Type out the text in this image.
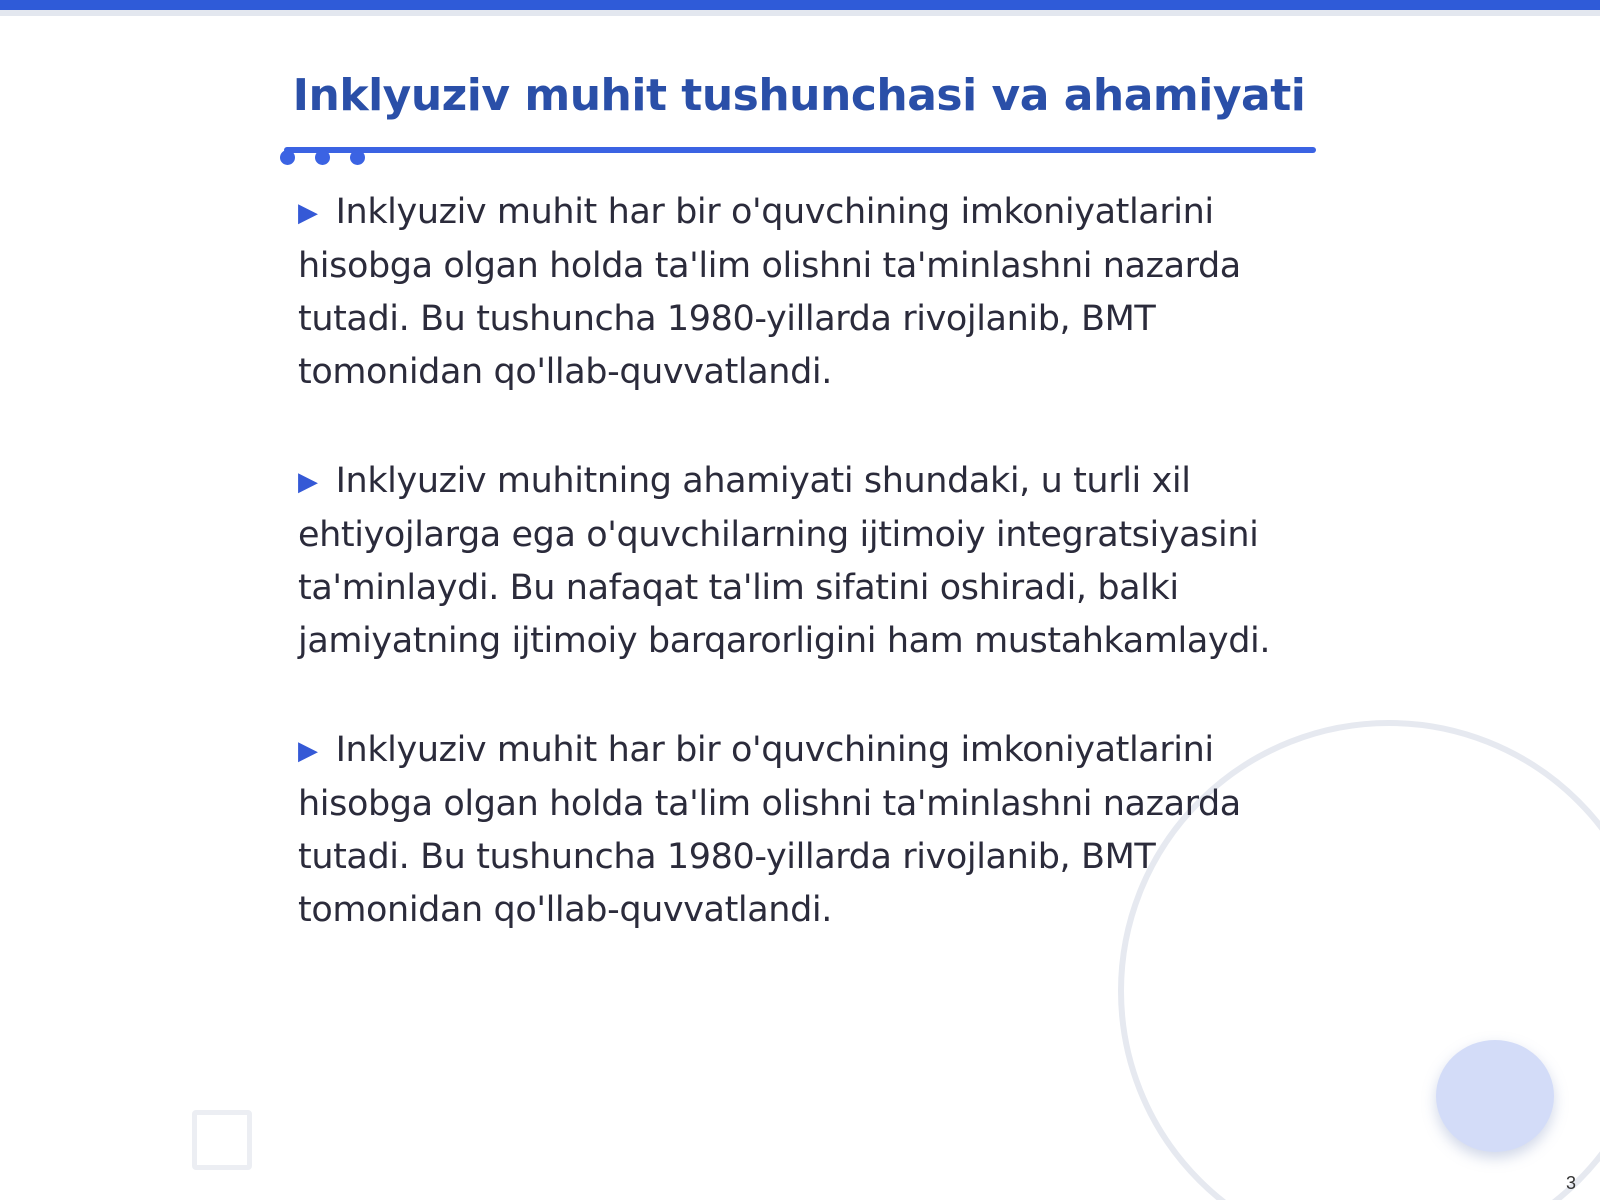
Inklyuziv muhit tushunchasi va ahamiyati

▶ Inklyuziv muhit har bir o'quvchining imkoniyatlarini hisobga olgan holda ta'lim olishni ta'minlashni nazarda tutadi. Bu tushuncha 1980-yillarda rivojlanib, BMT tomonidan qo'llab-quvvatlandi.

▶ Inklyuziv muhitning ahamiyati shundaki, u turli xil ehtiyojlarga ega o'quvchilarning ijtimoiy integratsiyasini ta'minlaydi. Bu nafaqat ta'lim sifatini oshiradi, balki jamiyatning ijtimoiy barqarorligini ham mustahkamlaydi.

▶ Inklyuziv muhit har bir o'quvchining imkoniyatlarini hisobga olgan holda ta'lim olishni ta'minlashni nazarda tutadi. Bu tushuncha 1980-yillarda rivojlanib, BMT tomonidan qo'llab-quvvatlandi.

3
